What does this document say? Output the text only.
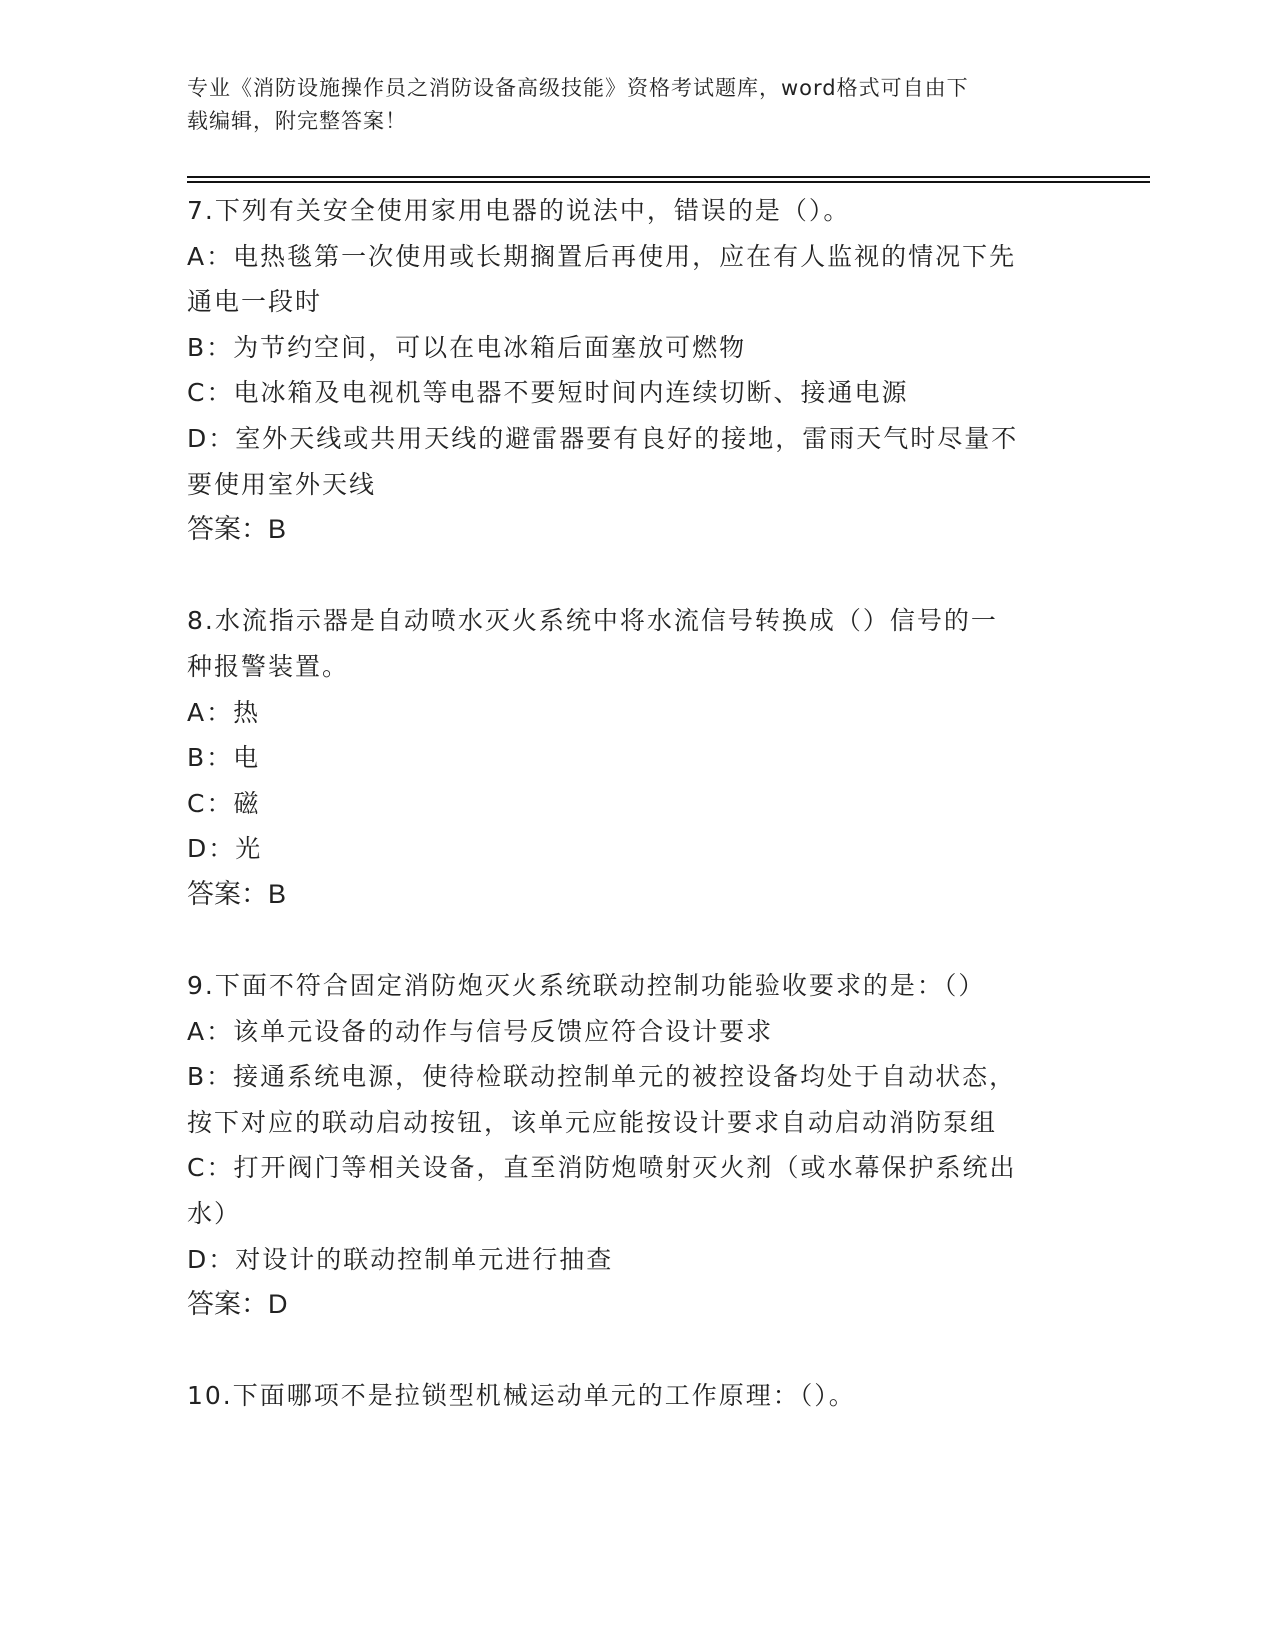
专业《消防设施操作员之消防设备高级技能》资格考试题库，word格式可自由下
载编辑，附完整答案！
7.下列有关安全使用家用电器的说法中，错误的是（）。
A：电热毯第一次使用或长期搁置后再使用，应在有人监视的情况下先
通电一段时
B：为节约空间，可以在电冰箱后面塞放可燃物
C：电冰箱及电视机等电器不要短时间内连续切断、接通电源
D：室外天线或共用天线的避雷器要有良好的接地，雷雨天气时尽量不
要使用室外天线
答案：B
8.水流指示器是自动喷水灭火系统中将水流信号转换成（）信号的一
种报警装置。
A：热
B：电
C：磁
D：光
答案：B
9.下面不符合固定消防炮灭火系统联动控制功能验收要求的是：（）
A：该单元设备的动作与信号反馈应符合设计要求
B：接通系统电源，使待检联动控制单元的被控设备均处于自动状态，
按下对应的联动启动按钮，该单元应能按设计要求自动启动消防泵组
C：打开阀门等相关设备，直至消防炮喷射灭火剂（或水幕保护系统出
水）
D：对设计的联动控制单元进行抽查
答案：D
10.下面哪项不是拉锁型机械运动单元的工作原理：（）。
